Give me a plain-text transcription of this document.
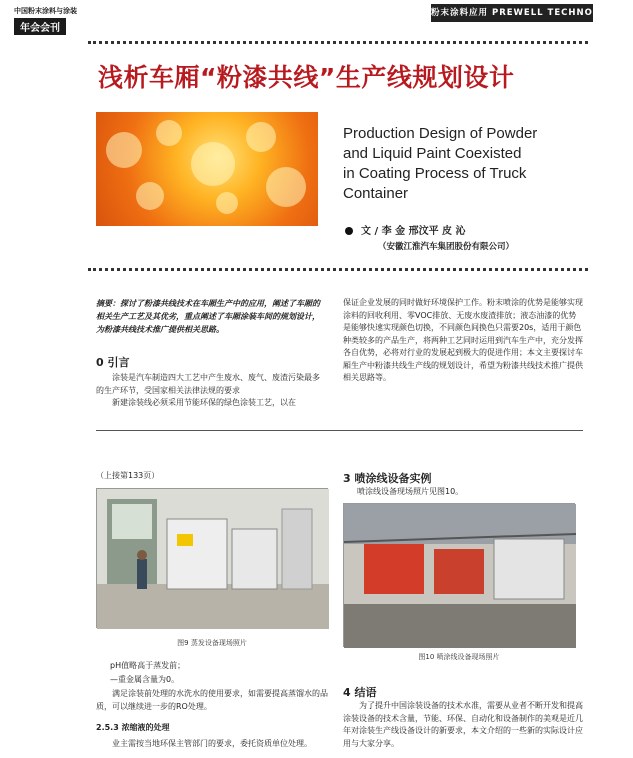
中国粉末涂料与涂装
年会会刊
粉末涂料应用 PREWELL TECHNOLOGIES
浅析车厢“粉漆共线”生产线规划设计
Production Design of Powder
and Liquid Paint Coexisted
in Coating Process of Truck
Container
文 / 李 金 邢汶平 皮 沁
（安徽江淮汽车集团股份有限公司）
摘要：探讨了粉漆共线技术在车厢生产中的应用，阐述了车厢的相关生产工艺及其优劣，重点阐述了车厢涂装车间的规划设计，为粉漆共线技术推广提供相关思路。
0 引言
涂装是汽车制造四大工艺中产生废水、废气、废渣污染最多的生产环节，受国家相关法律法规的要求
新建涂装线必须采用节能环保的绿色涂装工艺，以在
保证企业发展的同时做好环境保护工作。粉末喷涂的优势是能够实现涂料的回收利用、零VOC排放、无废水废渣排放；液态油漆的优势是能够快速实现颜色切换，不同颜色间换色只需要20s，适用于颜色种类较多的产品生产，将两种工艺同时运用到汽车生产中，充分发挥各自优势，必将对行业的发展起到极大的促进作用；本文主要探讨车厢生产中粉漆共线生产线的规划设计，希望为粉漆共线技术推广提供相关思路等。
（上接第133页）
图9 蒸发设备现场照片
pH值略高于蒸发前；
—重金属含量为0。
满足涂装前处理的水洗水的使用要求，如需要提高蒸馏水的品质，可以继续进一步的RO处理。
2.5.3 浓缩液的处理
业主需按当地环保主管部门的要求，委托资质单位处理。
3 喷涂线设备实例
喷涂线设备现场照片见图10。
图10 喷涂线设备现场照片
4 结语
为了提升中国涂装设备的技术水准，需要从业者不断开发和提高涂装设备的技术含量，节能、环保、自动化和设备制作的美观是近几年对涂装生产线设备设计的新要求，本文介绍的一些新的实际设计应用与大家分享。
